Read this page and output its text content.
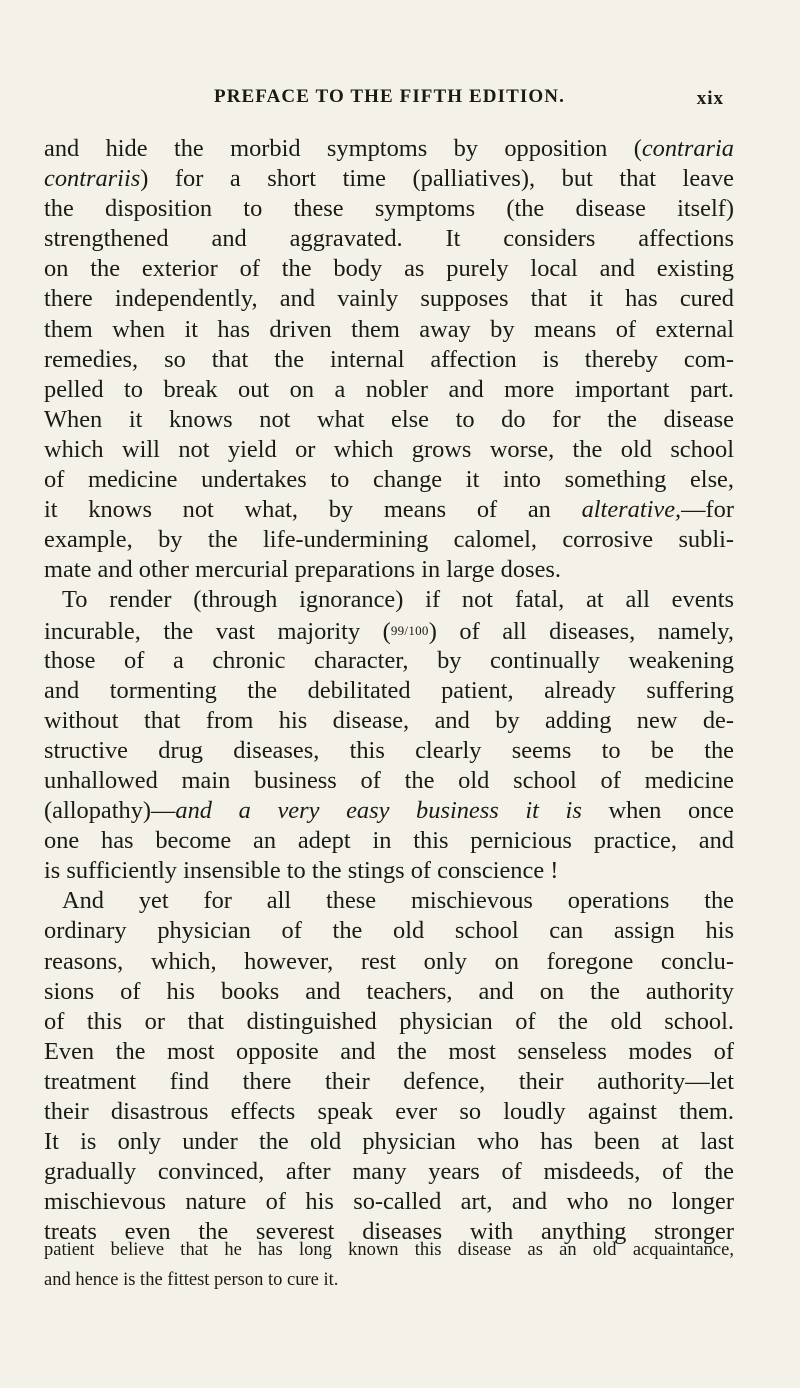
PREFACE TO THE FIFTH EDITION.	xix
and hide the morbid symptoms by opposition (contraria
contrariis) for a short time (palliatives), but that leave
the disposition to these symptoms (the disease itself)
strengthened and aggravated. It considers affections
on the exterior of the body as purely local and existing
there independently, and vainly supposes that it has cured
them when it has driven them away by means of external
remedies, so that the internal affection is thereby com-
pelled to break out on a nobler and more important part.
When it knows not what else to do for the disease
which will not yield or which grows worse, the old school
of medicine undertakes to change it into something else,
it knows not what, by means of an alterative,—for
example, by the life-undermining calomel, corrosive subli-
mate and other mercurial preparations in large doses.
To render (through ignorance) if not fatal, at all events
incurable, the vast majority (99/100) of all diseases, namely,
those of a chronic character, by continually weakening
and tormenting the debilitated patient, already suffering
without that from his disease, and by adding new de-
structive drug diseases, this clearly seems to be the
unhallowed main business of the old school of medicine
(allopathy)—and a very easy business it is when once
one has become an adept in this pernicious practice, and
is sufficiently insensible to the stings of conscience !
And yet for all these mischievous operations the
ordinary physician of the old school can assign his
reasons, which, however, rest only on foregone conclu-
sions of his books and teachers, and on the authority
of this or that distinguished physician of the old school.
Even the most opposite and the most senseless modes of
treatment find there their defence, their authority—let
their disastrous effects speak ever so loudly against them.
It is only under the old physician who has been at last
gradually convinced, after many years of misdeeds, of the
mischievous nature of his so-called art, and who no longer
treats even the severest diseases with anything stronger
patient believe that he has long known this disease as an old acquaintance,
and hence is the fittest person to cure it.
